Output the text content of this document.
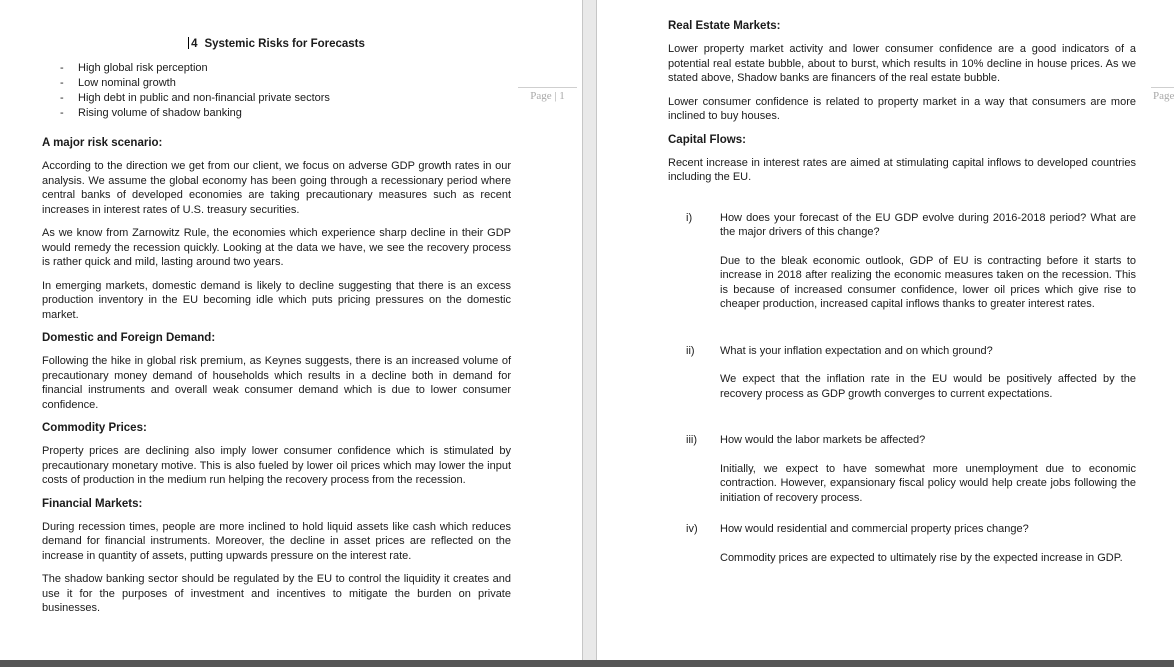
4 Systemic Risks for Forecasts
-	High global risk perception
-	Low nominal growth
-	High debt in public and non-financial private sectors
-	Rising volume of shadow banking
A major risk scenario:

According to the direction we get from our client, we focus on adverse GDP growth rates in our analysis. We assume the global economy has been going through a recessionary period where central banks of developed economies are taking precautionary measures such as recent increases in interest rates of U.S. treasury securities.

As we know from Zarnowitz Rule, the economies which experience sharp decline in their GDP would remedy the recession quickly. Looking at the data we have, we see the recovery process is rather quick and mild, lasting around two years.

In emerging markets, domestic demand is likely to decline suggesting that there is an excess production inventory in the EU becoming idle which puts pricing pressures on the domestic market.

Domestic and Foreign Demand:

Following the hike in global risk premium, as Keynes suggests, there is an increased volume of precautionary money demand of households which results in a decline both in demand for financial instruments and overall weak consumer demand which is due to lower consumer confidence.

Commodity Prices:

Property prices are declining also imply lower consumer confidence which is stimulated by precautionary monetary motive. This is also fueled by lower oil prices which may lower the input costs of production in the medium run helping the recovery process from the recession.

Financial Markets:

During recession times, people are more inclined to hold liquid assets like cash which reduces demand for financial instruments. Moreover, the decline in asset prices are reflected on the increase in quantity of assets, putting upwards pressure on the interest rate.

The shadow banking sector should be regulated by the EU to control the liquidity it creates and use it for the purposes of investment and incentives to mitigate the burden on private businesses.

Real Estate Markets:

Lower property market activity and lower consumer confidence are a good indicators of a potential real estate bubble, about to burst, which results in 10% decline in house prices. As we stated above, Shadow banks are financers of the real estate bubble.

Lower consumer confidence is related to property market in a way that consumers are more inclined to buy houses.

Capital Flows:

Recent increase in interest rates are aimed at stimulating capital inflows to developed countries including the EU.

i)	How does your forecast of the EU GDP evolve during 2016-2018 period? What are the major drivers of this change?
Due to the bleak economic outlook, GDP of EU is contracting before it starts to increase in 2018 after realizing the economic measures taken on the recession. This is because of increased consumer confidence, lower oil prices which give rise to cheaper production, increased capital inflows thanks to greater interest rates.
ii)	What is your inflation expectation and on which ground?
We expect that the inflation rate in the EU would be positively affected by the recovery process as GDP growth converges to current expectations.
iii)	How would the labor markets be affected?
Initially, we expect to have somewhat more unemployment due to economic contraction. However, expansionary fiscal policy would help create jobs following the initiation of recovery process.
iv)	How would residential and commercial property prices change?
Commodity prices are expected to ultimately rise by the expected increase in GDP.
Page | 1	Page
